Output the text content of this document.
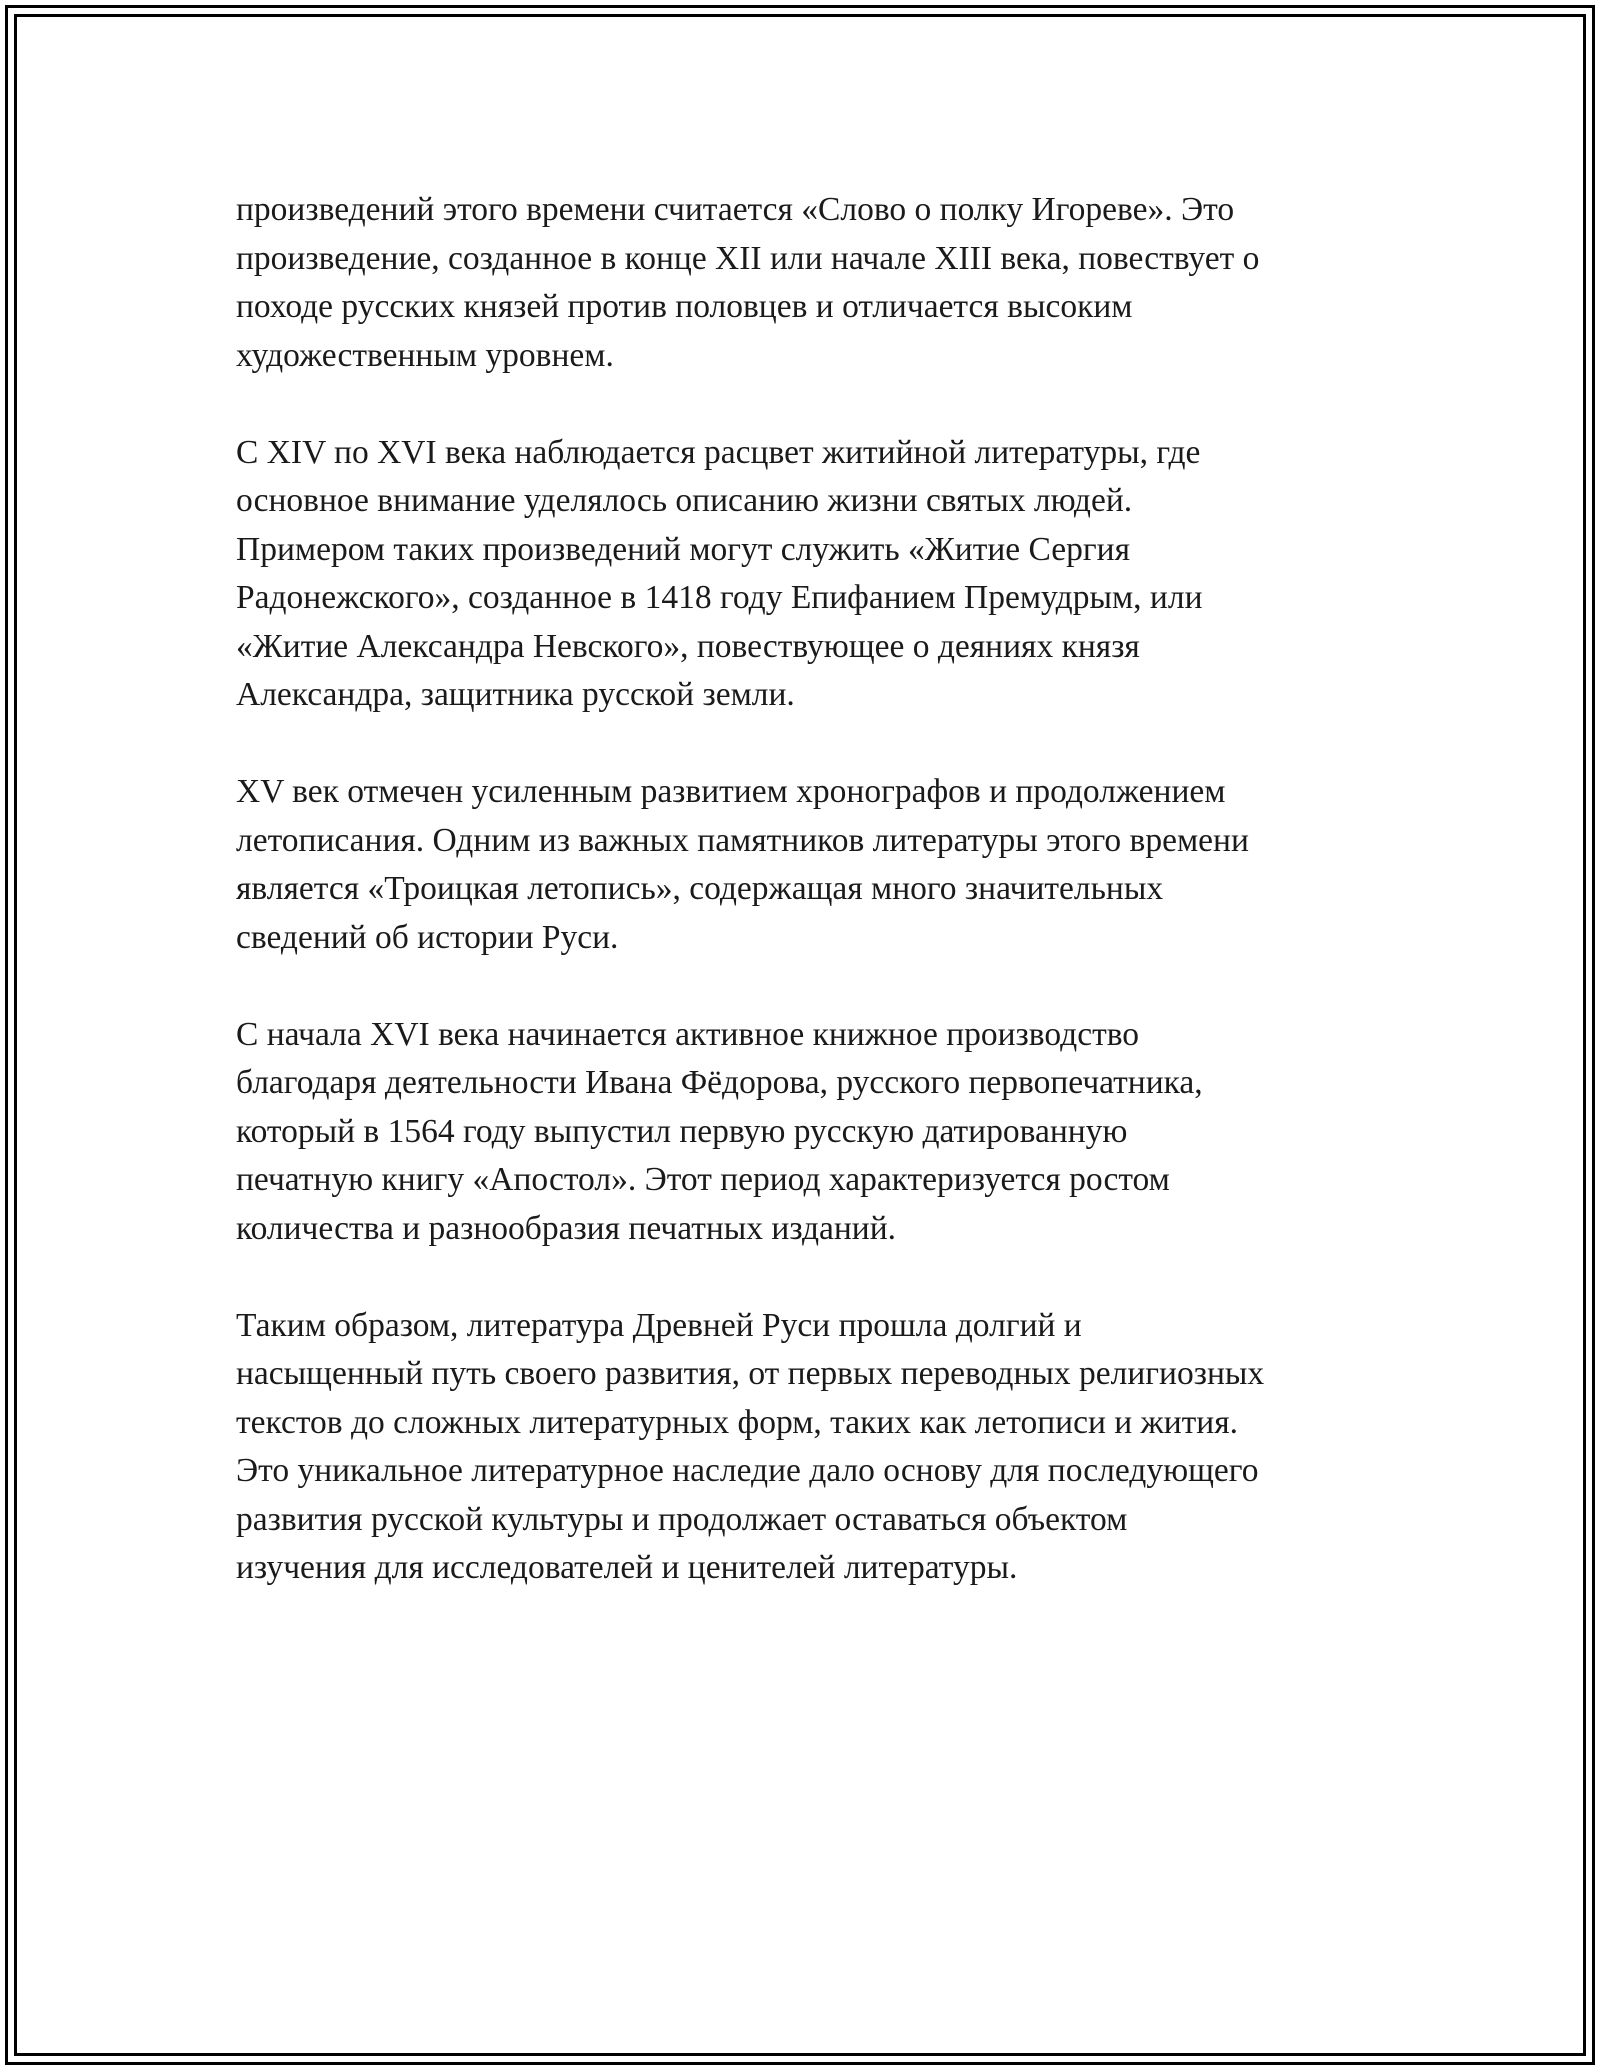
произведений этого времени считается «Слово о полку Игореве». Это
произведение, созданное в конце XII или начале XIII века, повествует о
походе русских князей против половцев и отличается высоким
художественным уровнем.

С XIV по XVI века наблюдается расцвет житийной литературы, где
основное внимание уделялось описанию жизни святых людей.
Примером таких произведений могут служить «Житие Сергия
Радонежского», созданное в 1418 году Епифанием Премудрым, или
«Житие Александра Невского», повествующее о деяниях князя
Александра, защитника русской земли.

XV век отмечен усиленным развитием хронографов и продолжением
летописания. Одним из важных памятников литературы этого времени
является «Троицкая летопись», содержащая много значительных
сведений об истории Руси.

С начала XVI века начинается активное книжное производство
благодаря деятельности Ивана Фёдорова, русского первопечатника,
который в 1564 году выпустил первую русскую датированную
печатную книгу «Апостол». Этот период характеризуется ростом
количества и разнообразия печатных изданий.

Таким образом, литература Древней Руси прошла долгий и
насыщенный путь своего развития, от первых переводных религиозных
текстов до сложных литературных форм, таких как летописи и жития.
Это уникальное литературное наследие дало основу для последующего
развития русской культуры и продолжает оставаться объектом
изучения для исследователей и ценителей литературы.
